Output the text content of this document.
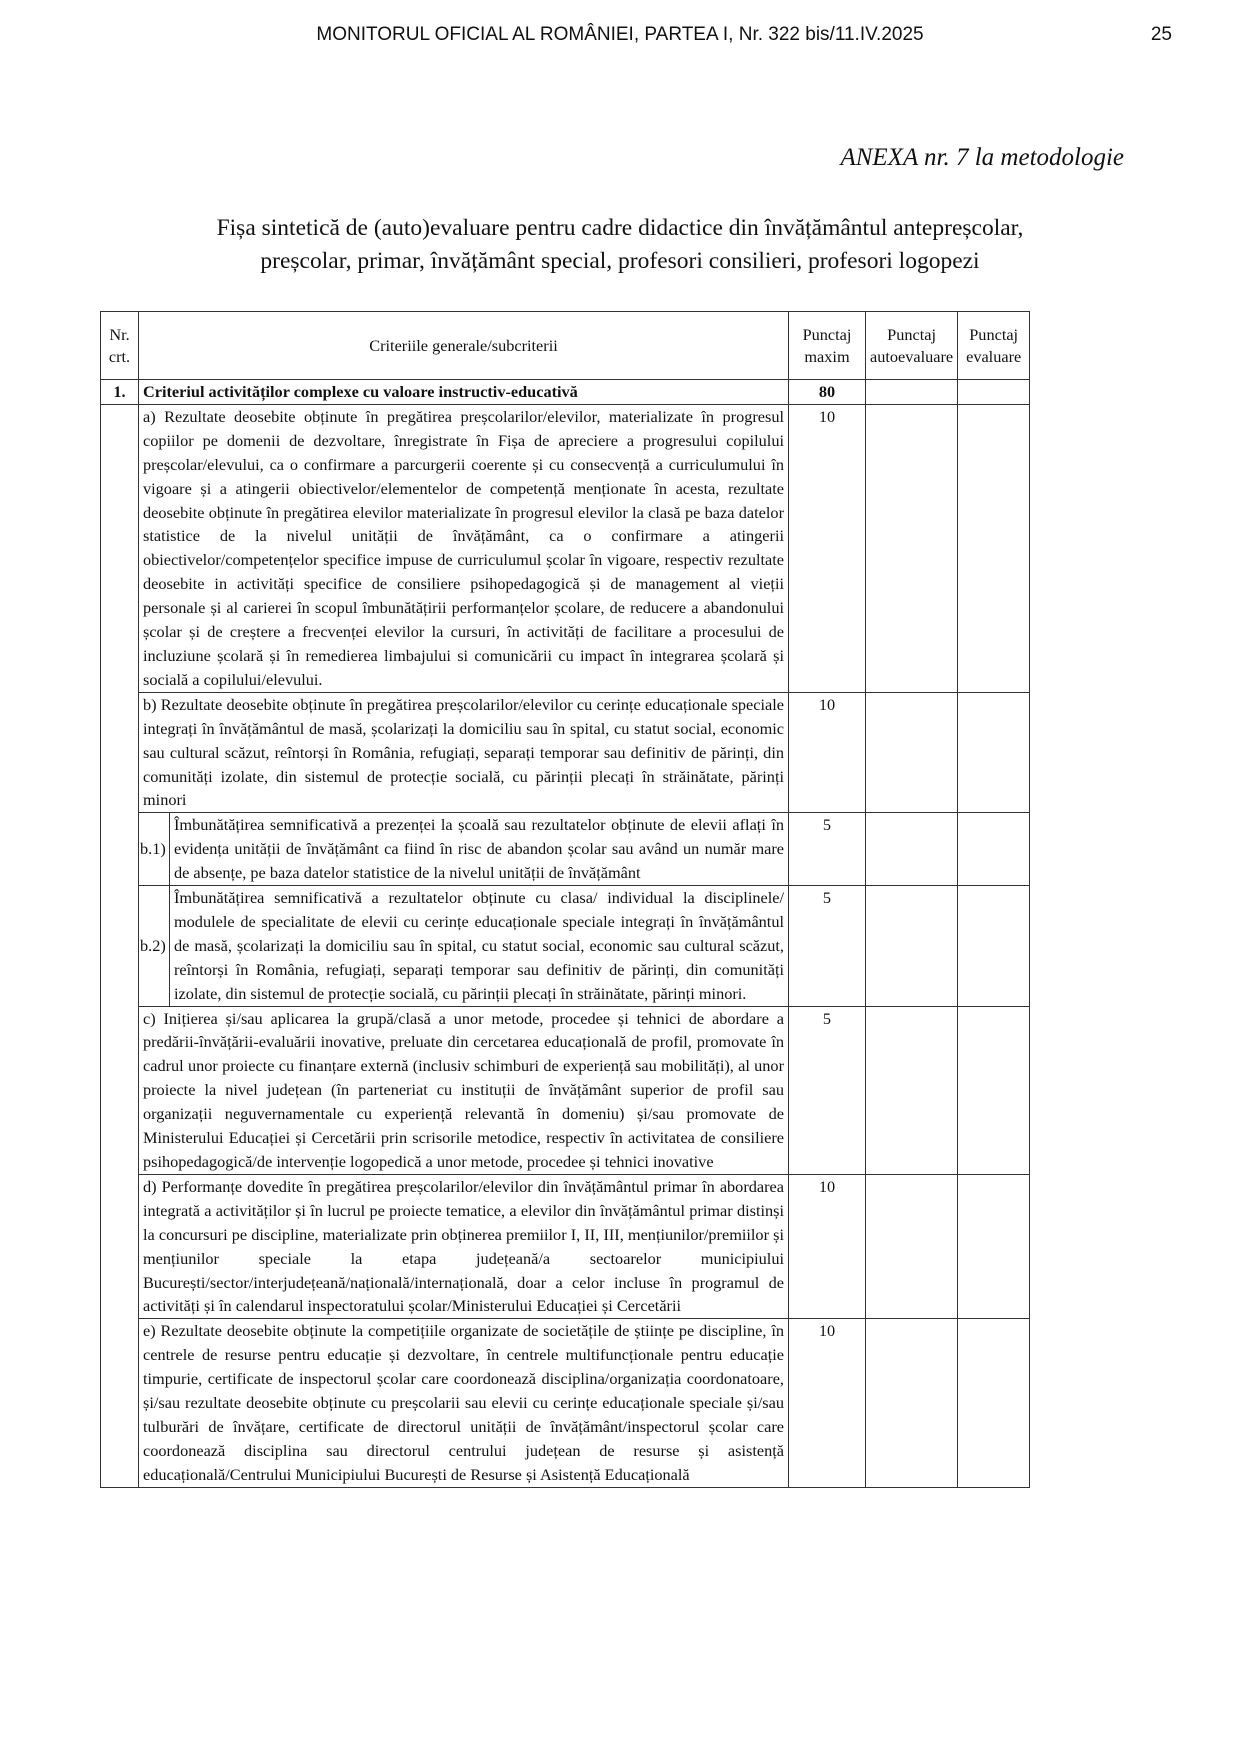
MONITORUL OFICIAL AL ROMÂNIEI, PARTEA I, Nr. 322 bis/11.IV.2025	25
ANEXA nr. 7 la metodologie
Fișa sintetică de (auto)evaluare pentru cadre didactice din învățământul antepreșcolar,
preșcolar, primar, învățământ special, profesori consilieri, profesori logopezi
Nr. crt.	Criteriile generale/subcriterii		Punctaj maxim	Punctaj autoevaluare	Punctaj evaluare
1.	Criteriul activităților complexe cu valoare instructiv-educativă		80		
	a) Rezultate deosebite obținute în pregătirea preșcolarilor/elevilor, materializate în progresul copiilor pe domenii de dezvoltare, înregistrate în Fișa de apreciere a progresului copilului preșcolar/elevului, ca o confirmare a parcurgerii coerente și cu consecvență a curriculumului în vigoare și a atingerii obiectivelor/elementelor de competență menționate în acesta, rezultate deosebite obținute în pregătirea elevilor materializate în progresul elevilor la clasă pe baza datelor statistice de la nivelul unității de învățământ, ca o confirmare a atingerii obiectivelor/competențelor specifice impuse de curriculumul școlar în vigoare, respectiv rezultate deosebite in activități specifice de consiliere psihopedagogică și de management al vieții personale și al carierei în scopul îmbunătățirii performanțelor școlare, de reducere a abandonului școlar și de creștere a frecvenței elevilor la cursuri, în activități de facilitare a procesului de incluziune școlară și în remedierea limbajului si comunicării cu impact în integrarea școlară și socială a copilului/elevului.		10		
	b) Rezultate deosebite obținute în pregătirea preșcolarilor/elevilor cu cerințe educaționale speciale integrați în învățământul de masă, școlarizați la domiciliu sau în spital, cu statut social, economic sau cultural scăzut, reîntorși în România, refugiați, separați temporar sau definitiv de părinți, din comunități izolate, din sistemul de protecție socială, cu părinții plecați în străinătate, părinți minori		10		
	b.1)	Îmbunătățirea semnificativă a prezenței la școală sau rezultatelor obținute de elevii aflați în evidența unității de învățământ ca fiind în risc de abandon școlar sau având un număr mare de absențe, pe baza datelor statistice de la nivelul unității de învățământ	5		
	b.2)	Îmbunătățirea semnificativă a rezultatelor obținute cu clasa/ individual la disciplinele/ modulele de specialitate de elevii cu cerințe educaționale speciale integrați în învățământul de masă, școlarizați la domiciliu sau în spital, cu statut social, economic sau cultural scăzut, reîntorși în România, refugiați, separați temporar sau definitiv de părinți, din comunități izolate, din sistemul de protecție socială, cu părinții plecați în străinătate, părinți minori.	5		
	c) Inițierea și/sau aplicarea la grupă/clasă a unor metode, procedee și tehnici de abordare a predării-învățării-evaluării inovative, preluate din cercetarea educațională de profil, promovate în cadrul unor proiecte cu finanțare externă (inclusiv schimburi de experiență sau mobilități), al unor proiecte la nivel județean (în parteneriat cu instituții de învățământ superior de profil sau organizații neguvernamentale cu experiență relevantă în domeniu) și/sau promovate de Ministerului Educației și Cercetării prin scrisorile metodice, respectiv în activitatea de consiliere psihopedagogică/de intervenție logopedică a unor metode, procedee și tehnici inovative		5		
	d) Performanțe dovedite în pregătirea preșcolarilor/elevilor din învățământul primar în abordarea integrată a activităților și în lucrul pe proiecte tematice, a elevilor din învățământul primar distinși la concursuri pe discipline, materializate prin obținerea premiilor I, II, III, mențiunilor/premiilor și mențiunilor speciale la etapa județeană/a sectoarelor municipiului București/sector/interjudețeană/națională/internațională, doar a celor incluse în programul de activități și în calendarul inspectoratului școlar/Ministerului Educației și Cercetării		10		
	e) Rezultate deosebite obținute la competițiile organizate de societățile de științe pe discipline, în centrele de resurse pentru educație și dezvoltare, în centrele multifuncționale pentru educație timpurie, certificate de inspectorul școlar care coordonează disciplina/organizația coordonatoare, și/sau rezultate deosebite obținute cu preșcolarii sau elevii cu cerințe educaționale speciale și/sau tulburări de învățare, certificate de directorul unității de învățământ/inspectorul școlar care coordonează disciplina sau directorul centrului județean de resurse și asistență educațională/Centrului Municipiului București de Resurse și Asistență Educațională		10		
